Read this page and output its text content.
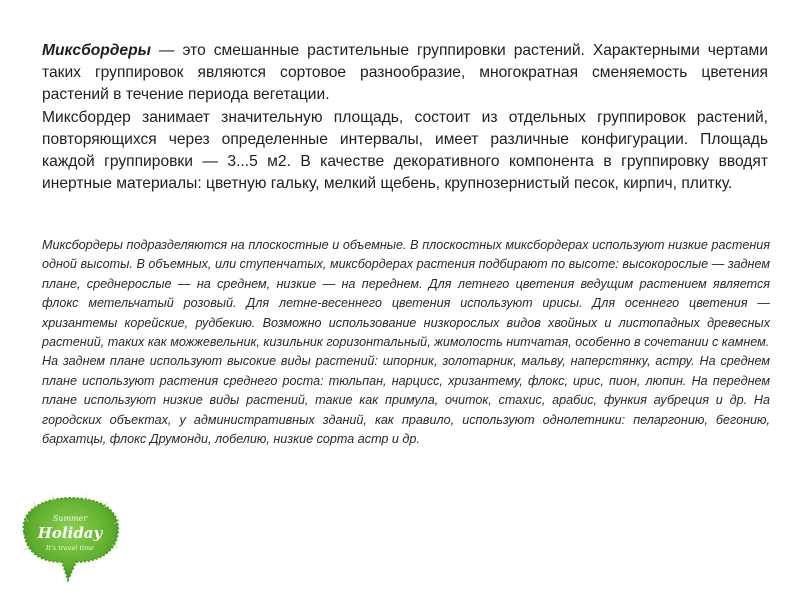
Миксбордеры — это смешанные растительные группировки растений. Характерными чертами таких группировок являются сортовое разнообразие, многократная сменяемость цветения растений в течение периода вегетации.

Миксбордер занимает значительную площадь, состоит из отдельных группировок растений, повторяющихся через определенные интервалы, имеет различные конфигурации. Площадь каждой группировки — 3...5 м2. В качестве декоративного компонента в группировку вводят инертные материалы: цветную гальку, мелкий щебень, крупнозернистый песок, кирпич, плитку.

Миксбордеры подразделяются на плоскостные и объемные. В плоскостных миксбордерах используют низкие растения одной высоты. В объемных, или ступенчатых, миксбордерах растения подбирают по высоте: высокорослые — заднем плане, среднерослые — на среднем, низкие — на переднем. Для летнего цветения ведущим растением является флокс метельчатый розовый. Для летне-весеннего цветения используют ирисы. Для осеннего цветения — хризантемы корейские, рудбекию. Возможно использование низкорослых видов хвойных и листопадных древесных растений, таких как можжевельник, кизильник горизонтальный, жимолость нитчатая, особенно в сочетании с камнем.

На заднем плане используют высокие виды растений: шпорник, золотарник, мальву, наперстянку, астру. На среднем плане используют растения среднего роста: тюльпан, нарцисс, хризантему, флокс, ирис, пион, люпин. На переднем плане используют низкие виды растений, такие как примула, очиток, стахис, арабис, функия аубреция и др. На городских объектах, у административных зданий, как правило, используют однолетники: пеларгонию, бегонию, бархатцы, флокс Друмонди, лобелию, низкие сорта астр и др.

Summer
Holiday
It's travel time
